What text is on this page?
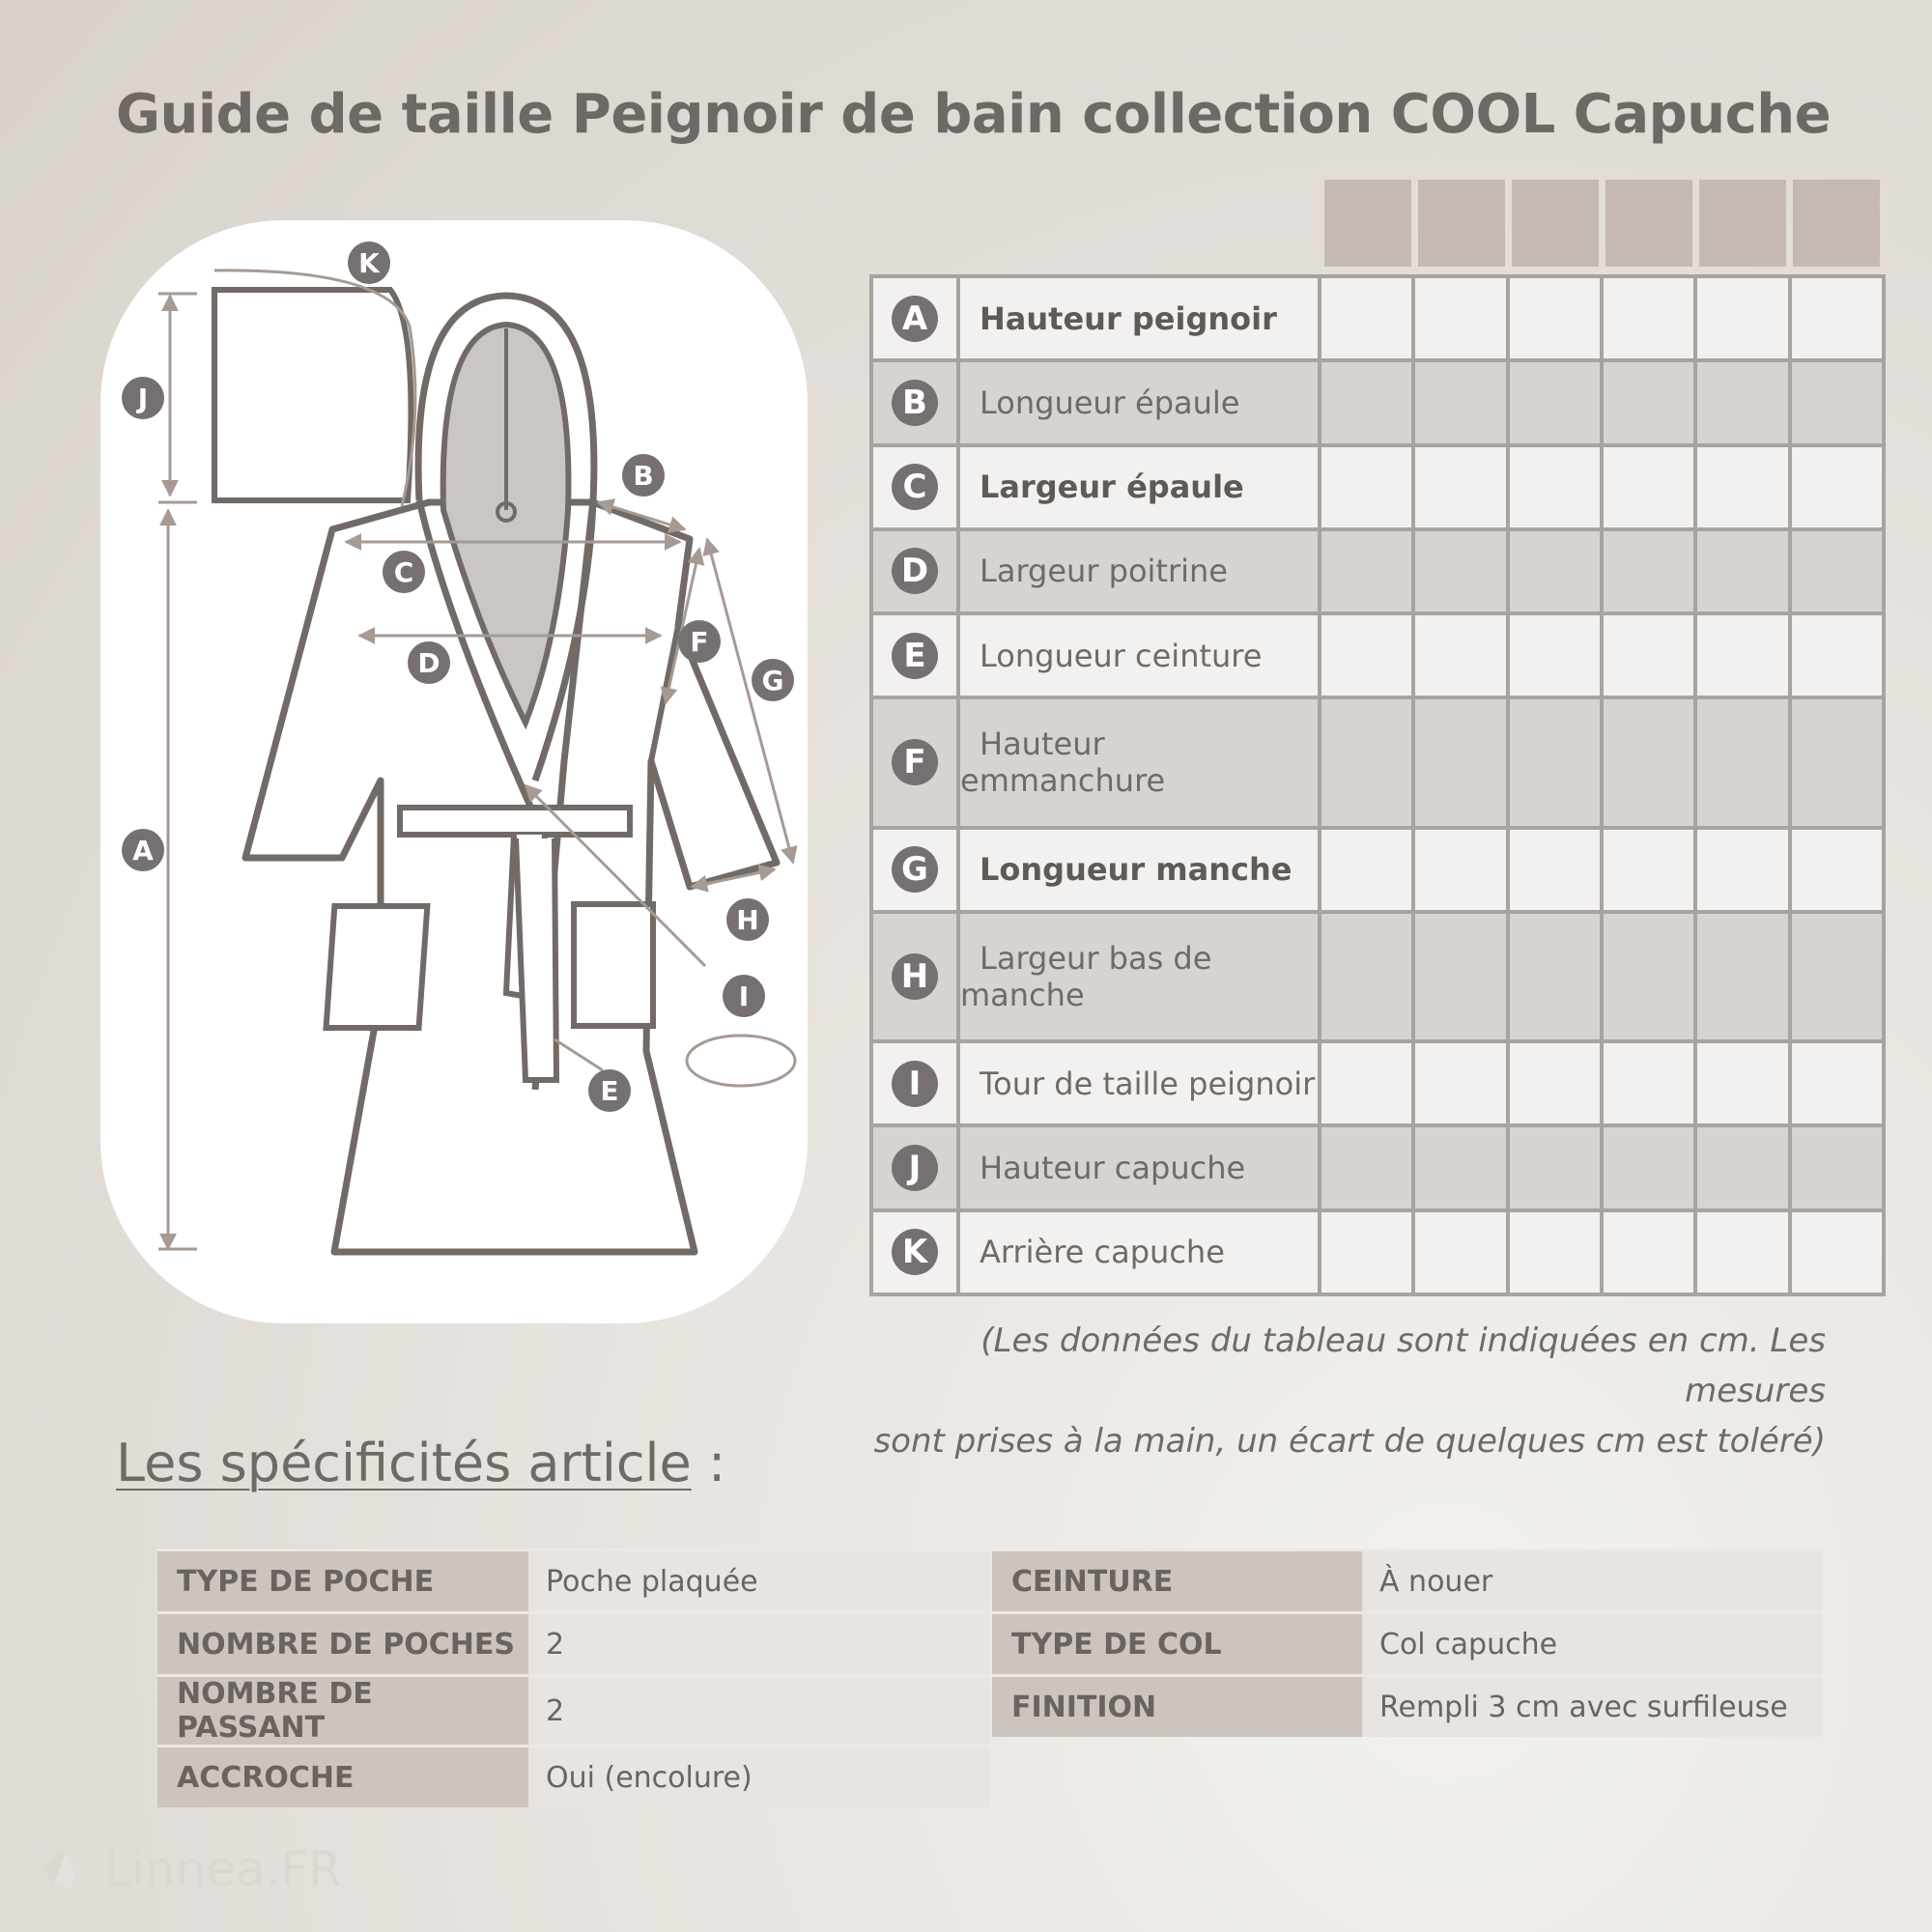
Guide de taille Peignoir de bain collection COOL Capuche
K
J
B
C
D
F
G
A
H
I
E
A	Hauteur peignoir						
B	Longueur épaule						
C	Largeur épaule						
D	Largeur poitrine						
E	Longueur ceinture						
F	Hauteur emmanchure						
G	Longueur manche						
H	Largeur bas de manche						
I	Tour de taille peignoir						
J	Hauteur capuche						
K	Arrière capuche						
(Les données du tableau sont indiquées en cm. Les mesures
sont prises à la main, un écart de quelques cm est toléré)
Les spécificités article :
TYPE DE POCHE	Poche plaquée
NOMBRE DE POCHES	2
NOMBRE DE PASSANT	2
ACCROCHE	Oui (encolure)
CEINTURE	À nouer
TYPE DE COL	Col capuche
FINITION	Rempli 3 cm avec surfileuse
Linnea.FR
